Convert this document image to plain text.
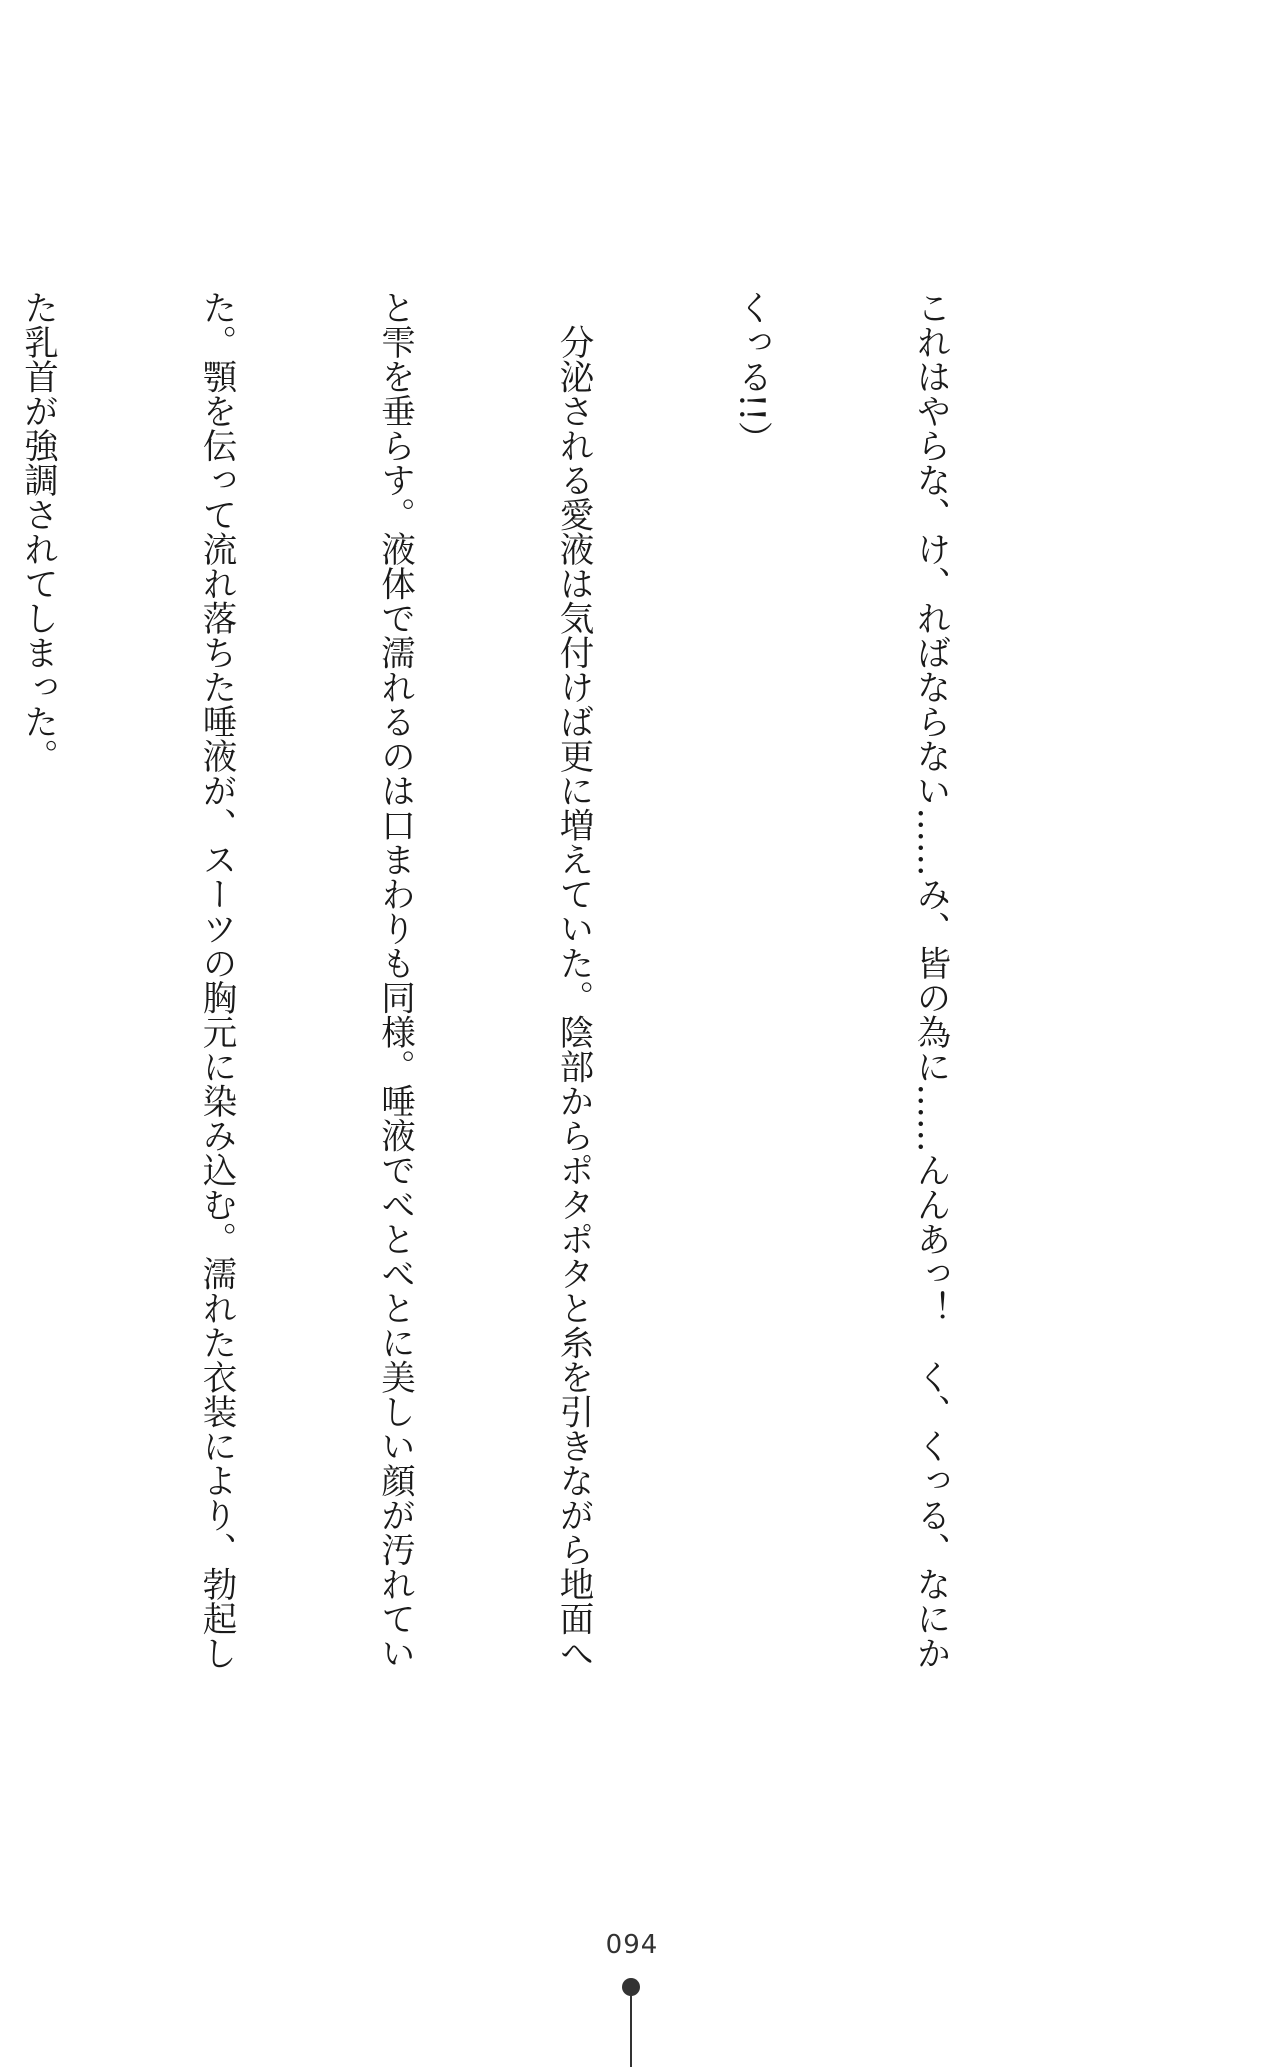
これはやらな、け、ればならない……み、皆の為に……んんあっ！　く、くっる、なにか

くっる!!）

　分泌される愛液は気付けば更に増えていた。陰部からポタポタと糸を引きながら地面へ

と雫を垂らす。液体で濡れるのは口まわりも同様。唾液でべとべとに美しい顔が汚れてい

た。顎を伝って流れ落ちた唾液が、スーツの胸元に染み込む。濡れた衣装により、勃起し

た乳首が強調されてしまった。

094
